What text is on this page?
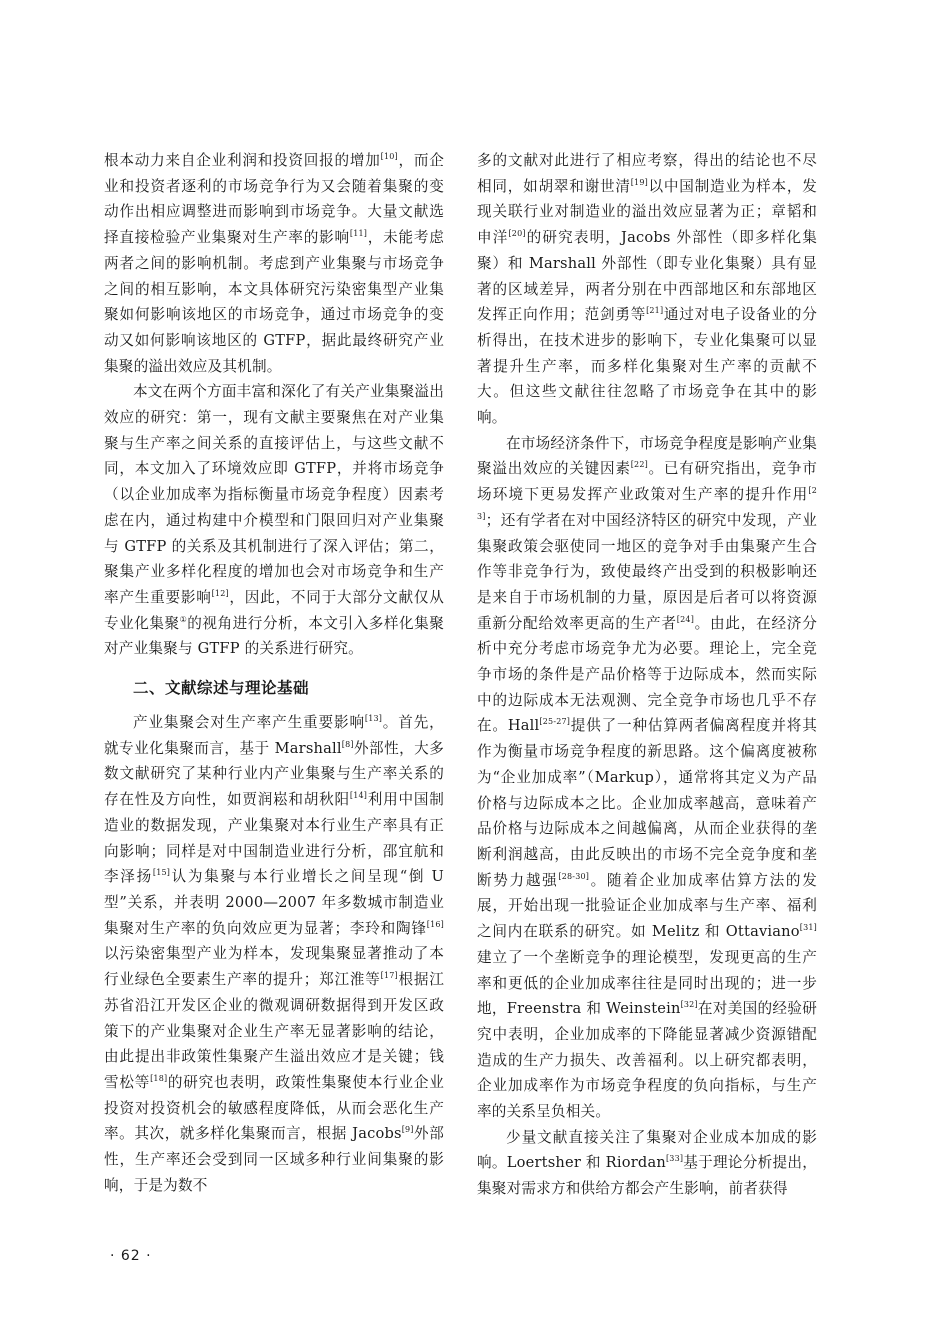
根本动力来自企业利润和投资回报的增加[10]，而企业和投资者逐利的市场竞争行为又会随着集聚的变动作出相应调整进而影响到市场竞争。大量文献选择直接检验产业集聚对生产率的影响[11]，未能考虑两者之间的影响机制。考虑到产业集聚与市场竞争之间的相互影响，本文具体研究污染密集型产业集聚如何影响该地区的市场竞争，通过市场竞争的变动又如何影响该地区的 GTFP，据此最终研究产业集聚的溢出效应及其机制。

本文在两个方面丰富和深化了有关产业集聚溢出效应的研究：第一，现有文献主要聚焦在对产业集聚与生产率之间关系的直接评估上，与这些文献不同，本文加入了环境效应即 GTFP，并将市场竞争（以企业加成率为指标衡量市场竞争程度）因素考虑在内，通过构建中介模型和门限回归对产业集聚与 GTFP 的关系及其机制进行了深入评估；第二，聚集产业多样化程度的增加也会对市场竞争和生产率产生重要影响[12]，因此，不同于大部分文献仅从专业化集聚①的视角进行分析，本文引入多样化集聚对产业集聚与 GTFP 的关系进行研究。

二、文献综述与理论基础

产业集聚会对生产率产生重要影响[13]。首先，就专业化集聚而言，基于 Marshall[8]外部性，大多数文献研究了某种行业内产业集聚与生产率关系的存在性及方向性，如贾润崧和胡秋阳[14]利用中国制造业的数据发现，产业集聚对本行业生产率具有正向影响；同样是对中国制造业进行分析，邵宜航和李泽扬[15]认为集聚与本行业增长之间呈现“倒 U 型”关系，并表明 2000—2007 年多数城市制造业集聚对生产率的负向效应更为显著；李玲和陶锋[16]以污染密集型产业为样本，发现集聚显著推动了本行业绿色全要素生产率的提升；郑江淮等[17]根据江苏省沿江开发区企业的微观调研数据得到开发区政策下的产业集聚对企业生产率无显著影响的结论，由此提出非政策性集聚产生溢出效应才是关键；钱雪松等[18]的研究也表明，政策性集聚使本行业企业投资对投资机会的敏感程度降低，从而会恶化生产率。其次，就多样化集聚而言，根据 Jacobs[9]外部性，生产率还会受到同一区域多种行业间集聚的影响，于是为数不

多的文献对此进行了相应考察，得出的结论也不尽相同，如胡翠和谢世清[19]以中国制造业为样本，发现关联行业对制造业的溢出效应显著为正；章韬和申洋[20]的研究表明，Jacobs 外部性（即多样化集聚）和 Marshall 外部性（即专业化集聚）具有显著的区域差异，两者分别在中西部地区和东部地区发挥正向作用；范剑勇等[21]通过对电子设备业的分析得出，在技术进步的影响下，专业化集聚可以显著提升生产率，而多样化集聚对生产率的贡献不大。但这些文献往往忽略了市场竞争在其中的影响。

在市场经济条件下，市场竞争程度是影响产业集聚溢出效应的关键因素[22]。已有研究指出，竞争市场环境下更易发挥产业政策对生产率的提升作用[23]；还有学者在对中国经济特区的研究中发现，产业集聚政策会驱使同一地区的竞争对手由集聚产生合作等非竞争行为，致使最终产出受到的积极影响还是来自于市场机制的力量，原因是后者可以将资源重新分配给效率更高的生产者[24]。由此，在经济分析中充分考虑市场竞争尤为必要。理论上，完全竞争市场的条件是产品价格等于边际成本，然而实际中的边际成本无法观测、完全竞争市场也几乎不存在。Hall[25-27]提供了一种估算两者偏离程度并将其作为衡量市场竞争程度的新思路。这个偏离度被称为“企业加成率”（Markup），通常将其定义为产品价格与边际成本之比。企业加成率越高，意味着产品价格与边际成本之间越偏离，从而企业获得的垄断利润越高，由此反映出的市场不完全竞争度和垄断势力越强[28-30]。随着企业加成率估算方法的发展，开始出现一批验证企业加成率与生产率、福利之间内在联系的研究。如 Melitz 和 Ottaviano[31]建立了一个垄断竞争的理论模型，发现更高的生产率和更低的企业加成率往往是同时出现的；进一步地，Freenstra 和 Weinstein[32]在对美国的经验研究中表明，企业加成率的下降能显著减少资源错配造成的生产力损失、改善福利。以上研究都表明，企业加成率作为市场竞争程度的负向指标，与生产率的关系呈负相关。

少量文献直接关注了集聚对企业成本加成的影响。Loertsher 和 Riordan[33]基于理论分析提出，集聚对需求方和供给方都会产生影响，前者获得

· 62 ·
